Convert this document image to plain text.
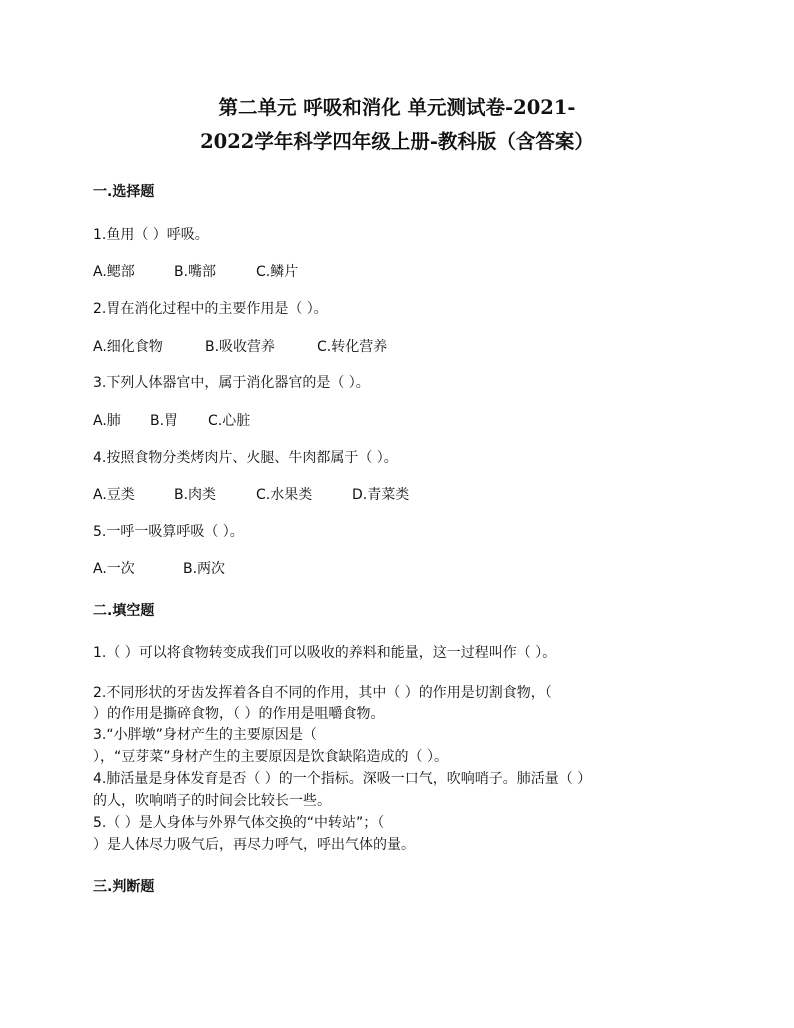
第二单元 呼吸和消化 单元测试卷-2021-
2022学年科学四年级上册-教科版（含答案）
一.选择题
1.鱼用（ ）呼吸。
A.鳃部	B.嘴部	C.鳞片
2.胃在消化过程中的主要作用是（ ）。
A.细化食物	B.吸收营养	C.转化营养
3.下列人体器官中，属于消化器官的是（ ）。
A.肺 B.胃 C.心脏
4.按照食物分类烤肉片、火腿、牛肉都属于（ ）。
A.豆类	B.肉类	C.水果类	D.青菜类
5.一呼一吸算呼吸（ ）。
A.一次	B.两次
二.填空题
1.（ ）可以将食物转变成我们可以吸收的养料和能量，这一过程叫作（ ）。
2.不同形状的牙齿发挥着各自不同的作用，其中（ ）的作用是切割食物，（
）的作用是撕碎食物，（ ）的作用是咀嚼食物。
3.“小胖墩”身材产生的主要原因是（
），“豆芽菜”身材产生的主要原因是饮食缺陷造成的（ ）。
4.肺活量是身体发育是否（ ）的一个指标。深吸一口气，吹响哨子。肺活量（ ）
的人，吹响哨子的时间会比较长一些。
5.（ ）是人身体与外界气体交换的“中转站”；（
）是人体尽力吸气后，再尽力呼气，呼出气体的量。
三.判断题
